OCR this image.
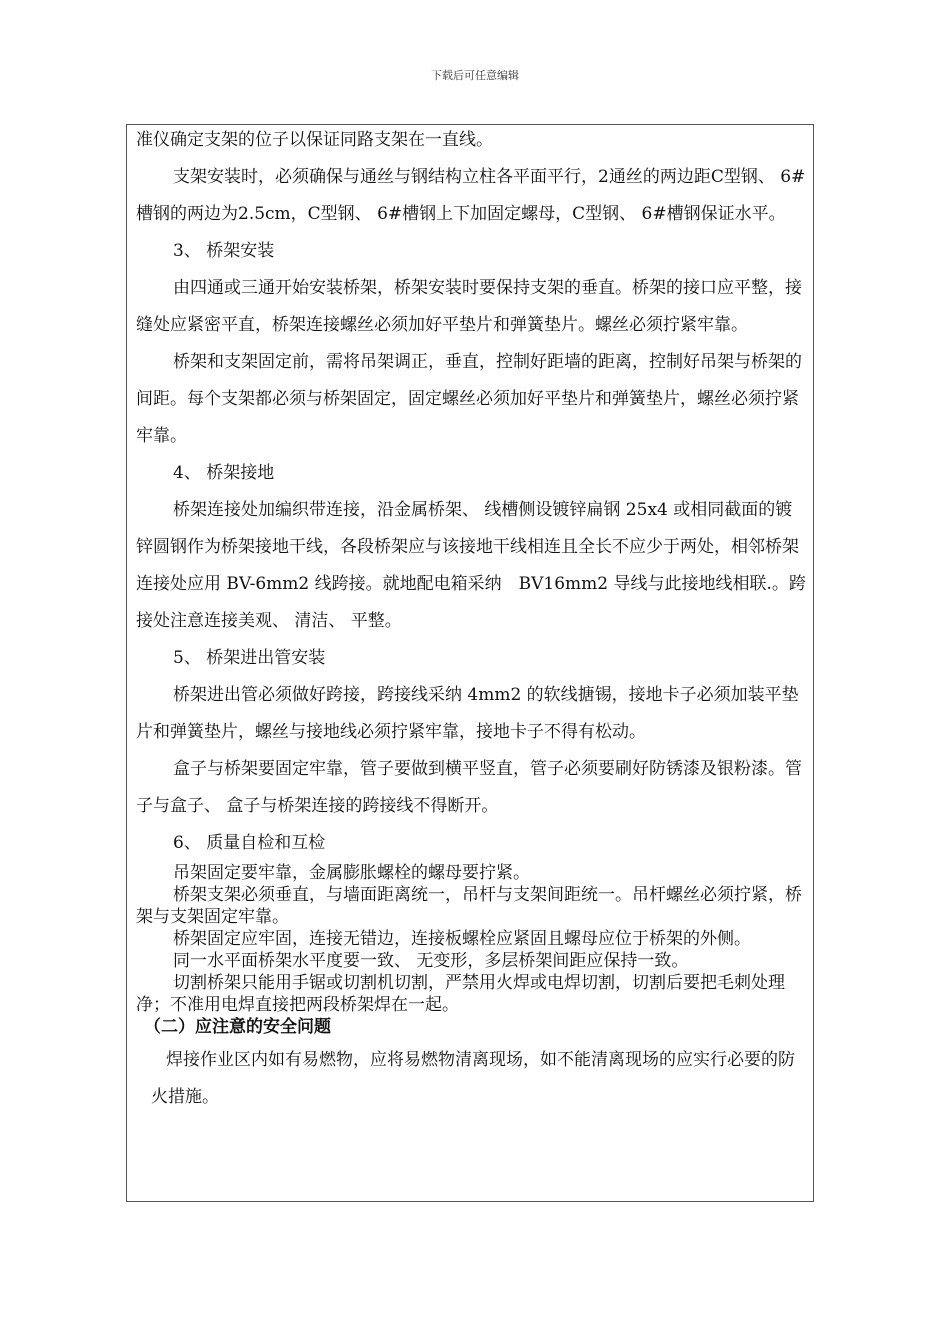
下载后可任意编辑

准仪确定支架的位子以保证同路支架在一直线。

支架安装时，必须确保与通丝与钢结构立柱各平面平行，2通丝的两边距C型钢、 6#槽钢的两边为2.5cm，C型钢、 6#槽钢上下加固定螺母，C型钢、 6#槽钢保证水平。

3、 桥架安装

由四通或三通开始安装桥架，桥架安装时要保持支架的垂直。桥架的接口应平整，接缝处应紧密平直，桥架连接螺丝必须加好平垫片和弹簧垫片。螺丝必须拧紧牢靠。

桥架和支架固定前，需将吊架调正，垂直，控制好距墙的距离，控制好吊架与桥架的间距。每个支架都必须与桥架固定，固定螺丝必须加好平垫片和弹簧垫片，螺丝必须拧紧牢靠。

4、 桥架接地

桥架连接处加编织带连接，沿金属桥架、 线槽侧设镀锌扁钢 25x4 或相同截面的镀锌圆钢作为桥架接地干线，各段桥架应与该接地干线相连且全长不应少于两处，相邻桥架连接处应用 BV-6mm2 线跨接。就地配电箱采纳　BV16mm2 导线与此接地线相联.。跨接处注意连接美观、 清洁、 平整。

5、 桥架进出管安装

桥架进出管必须做好跨接，跨接线采纳 4mm2 的软线搪锡，接地卡子必须加装平垫片和弹簧垫片，螺丝与接地线必须拧紧牢靠，接地卡子不得有松动。

盒子与桥架要固定牢靠，管子要做到横平竖直，管子必须要刷好防锈漆及银粉漆。管子与盒子、 盒子与桥架连接的跨接线不得断开。

6、 质量自检和互检

吊架固定要牢靠，金属膨胀螺栓的螺母要拧紧。

桥架支架必须垂直，与墙面距离统一，吊杆与支架间距统一。吊杆螺丝必须拧紧，桥架与支架固定牢靠。

桥架固定应牢固，连接无错边，连接板螺栓应紧固且螺母应位于桥架的外侧。

同一水平面桥架水平度要一致、 无变形，多层桥架间距应保持一致。

切割桥架只能用手锯或切割机切割，严禁用火焊或电焊切割，切割后要把毛刺处理净；不准用电焊直接把两段桥架焊在一起。

（二）应注意的安全问题

焊接作业区内如有易燃物，应将易燃物清离现场，如不能清离现场的应实行必要的防火措施。
